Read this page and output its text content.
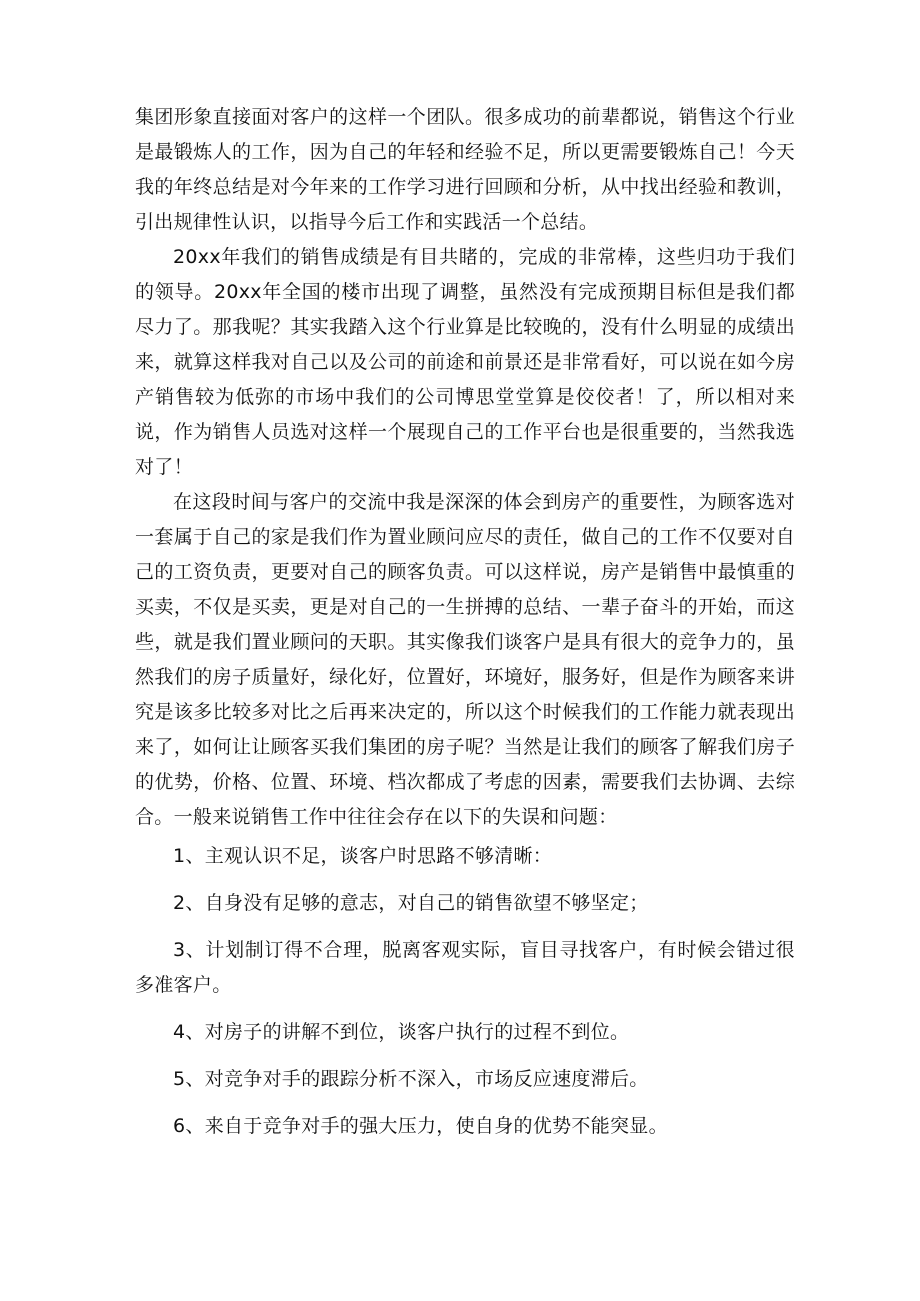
集团形象直接面对客户的这样一个团队。很多成功的前辈都说，销售这个行业是最锻炼人的工作，因为自己的年轻和经验不足，所以更需要锻炼自己！今天我的年终总结是对今年来的工作学习进行回顾和分析，从中找出经验和教训，引出规律性认识，以指导今后工作和实践活一个总结。

20xx年我们的销售成绩是有目共睹的，完成的非常棒，这些归功于我们的领导。20xx年全国的楼市出现了调整，虽然没有完成预期目标但是我们都尽力了。那我呢？其实我踏入这个行业算是比较晚的，没有什么明显的成绩出来，就算这样我对自己以及公司的前途和前景还是非常看好，可以说在如今房产销售较为低弥的市场中我们的公司博思堂堂算是佼佼者！了，所以相对来说，作为销售人员选对这样一个展现自己的工作平台也是很重要的，当然我选对了！

在这段时间与客户的交流中我是深深的体会到房产的重要性，为顾客选对一套属于自己的家是我们作为置业顾问应尽的责任，做自己的工作不仅要对自己的工资负责，更要对自己的顾客负责。可以这样说，房产是销售中最慎重的买卖，不仅是买卖，更是对自己的一生拼搏的总结、一辈子奋斗的开始，而这些，就是我们置业顾问的天职。其实像我们谈客户是具有很大的竞争力的，虽然我们的房子质量好，绿化好，位置好，环境好，服务好，但是作为顾客来讲究是该多比较多对比之后再来决定的，所以这个时候我们的工作能力就表现出来了，如何让让顾客买我们集团的房子呢？当然是让我们的顾客了解我们房子的优势，价格、位置、环境、档次都成了考虑的因素，需要我们去协调、去综合。一般来说销售工作中往往会存在以下的失误和问题：

1、主观认识不足，谈客户时思路不够清晰：

2、自身没有足够的意志，对自己的销售欲望不够坚定；

3、计划制订得不合理，脱离客观实际，盲目寻找客户，有时候会错过很多准客户。

4、对房子的讲解不到位，谈客户执行的过程不到位。

5、对竞争对手的跟踪分析不深入，市场反应速度滞后。

6、来自于竞争对手的强大压力，使自身的优势不能突显。
